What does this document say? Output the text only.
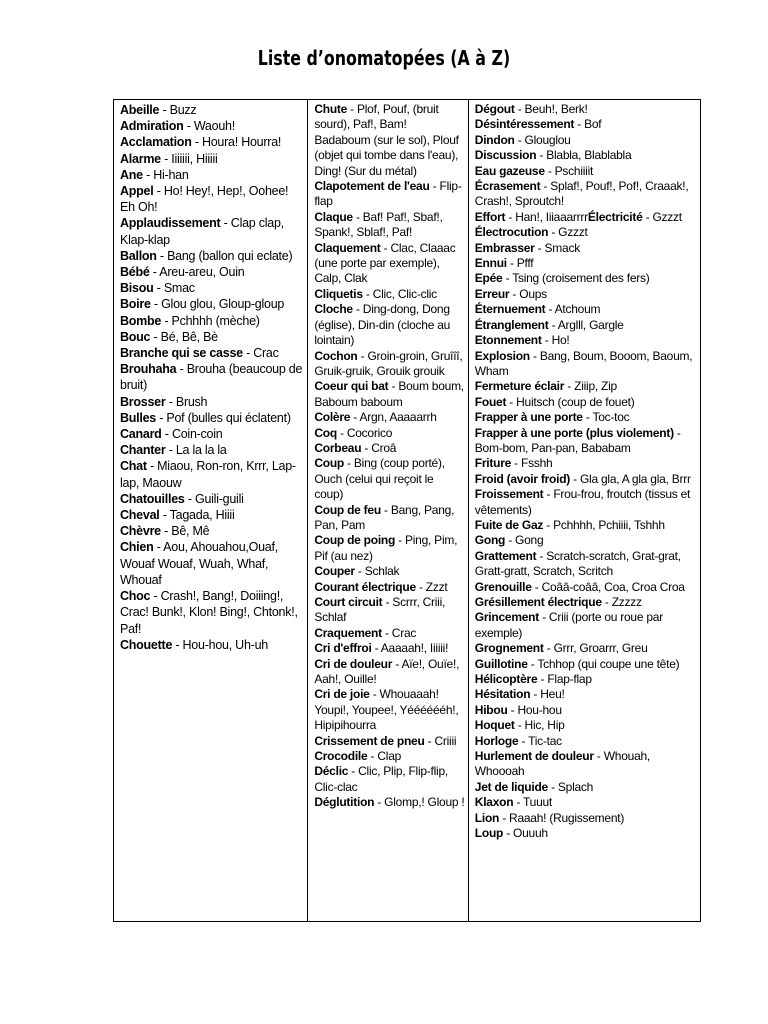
Liste d’onomatopées (A à Z)

Abeille - Buzz

Admiration - Waouh!

Acclamation - Houra! Hourra!

Alarme - Iiiiiii, Hiiiii

Ane - Hi-han

Appel - Ho! Hey!, Hep!, Oohee! Eh Oh!

Applaudissement - Clap clap, Klap-klap

Ballon - Bang (ballon qui eclate)

Bébé - Areu-areu, Ouin

Bisou - Smac

Boire - Glou glou, Gloup-gloup

Bombe - Pchhhh (mèche)

Bouc - Bé, Bê, Bè

Branche qui se casse - Crac

Brouhaha - Brouha (beaucoup de bruit)

Brosser - Brush

Bulles - Pof (bulles qui éclatent)

Canard - Coin-coin

Chanter - La la la la

Chat - Miaou, Ron-ron, Krrr, Lap-lap, Maouw

Chatouilles - Guili-guili

Cheval - Tagada, Hiiii

Chèvre - Bê, Mê

Chien - Aou, Ahouahou,Ouaf, Wouaf Wouaf, Wuah, Whaf, Whouaf

Choc - Crash!, Bang!, Doiiing!, Crac! Bunk!, Klon! Bing!, Chtonk!, Paf!

Chouette - Hou-hou, Uh-uh

Chute - Plof, Pouf, (bruit sourd), Paf!, Bam! Badaboum (sur le sol), Plouf (objet qui tombe dans l'eau), Ding! (Sur du métal)

Clapotement de l'eau - Flip-flap

Claque - Baf! Paf!, Sbaf!, Spank!, Sblaf!, Paf!

Claquement - Clac, Claaac (une porte par exemple), Calp, Clak

Cliquetis - Clic, Clic-clic

Cloche - Ding-dong, Dong (église), Din-din (cloche au lointain)

Cochon - Groin-groin, Gruîîî, Gruik-gruik, Grouik grouik

Coeur qui bat - Boum boum, Baboum baboum

Colère - Argn, Aaaaarrh

Coq - Cocorico

Corbeau - Croâ

Coup - Bing (coup porté), Ouch (celui qui reçoit le coup)

Coup de feu - Bang, Pang, Pan, Pam

Coup de poing - Ping, Pim, Pif (au nez)

Couper - Schlak

Courant électrique - Zzzt

Court circuit - Scrrr, Criii, Schlaf

Craquement - Crac

Cri d'effroi - Aaaaah!, Iiiiii!

Cri de douleur - Aïe!, Ouïe!, Aah!, Ouille!

Cri de joie - Whouaaah! Youpi!, Youpee!, Yééééééh!, Hipipihourra

Crissement de pneu - Criiii

Crocodile - Clap

Déclic - Clic, Plip, Flip-flip, Clic-clac

Déglutition - Glomp,! Gloup !

Dégout - Beuh!, Berk!

Désintéressement - Bof

Dindon - Glouglou

Discussion - Blabla, Blablabla

Eau gazeuse - Pschiiiit

Écrasement - Splaf!, Pouf!, Pof!, Craaak!, Crash!, Sproutch!

Effort - Han!, IiiaaarrrrÉlectricité - Gzzzt

Électrocution - Gzzzt

Embrasser - Smack

Ennui - Pfff

Epée - Tsing (croisement des fers)

Erreur - Oups

Éternuement - Atchoum

Étranglement - Arglll, Gargle

Etonnement - Ho!

Explosion - Bang, Boum, Booom, Baoum, Wham

Fermeture éclair - Ziiip, Zip

Fouet - Huitsch (coup de fouet)

Frapper à une porte - Toc-toc

Frapper à une porte (plus violement) - Bom-bom, Pan-pan, Bababam

Friture - Fsshh

Froid (avoir froid) - Gla gla, A gla gla, Brrr

Froissement - Frou-frou, froutch (tissus et vêtements)

Fuite de Gaz - Pchhhh, Pchiiii, Tshhh

Gong - Gong

Grattement - Scratch-scratch, Grat-grat, Gratt-gratt, Scratch, Scritch

Grenouille - Coââ-coââ, Coa, Croa Croa

Grésillement électrique - Zzzzz

Grincement - Criii (porte ou roue par exemple)

Grognement - Grrr, Groarrr, Greu

Guillotine - Tchhop (qui coupe une tête)

Hélicoptère - Flap-flap

Hésitation - Heu!

Hibou - Hou-hou

Hoquet - Hic, Hip

Horloge - Tic-tac

Hurlement de douleur - Whouah, Whoooah

Jet de liquide - Splach

Klaxon - Tuuut

Lion - Raaah! (Rugissement)

Loup - Ouuuh
